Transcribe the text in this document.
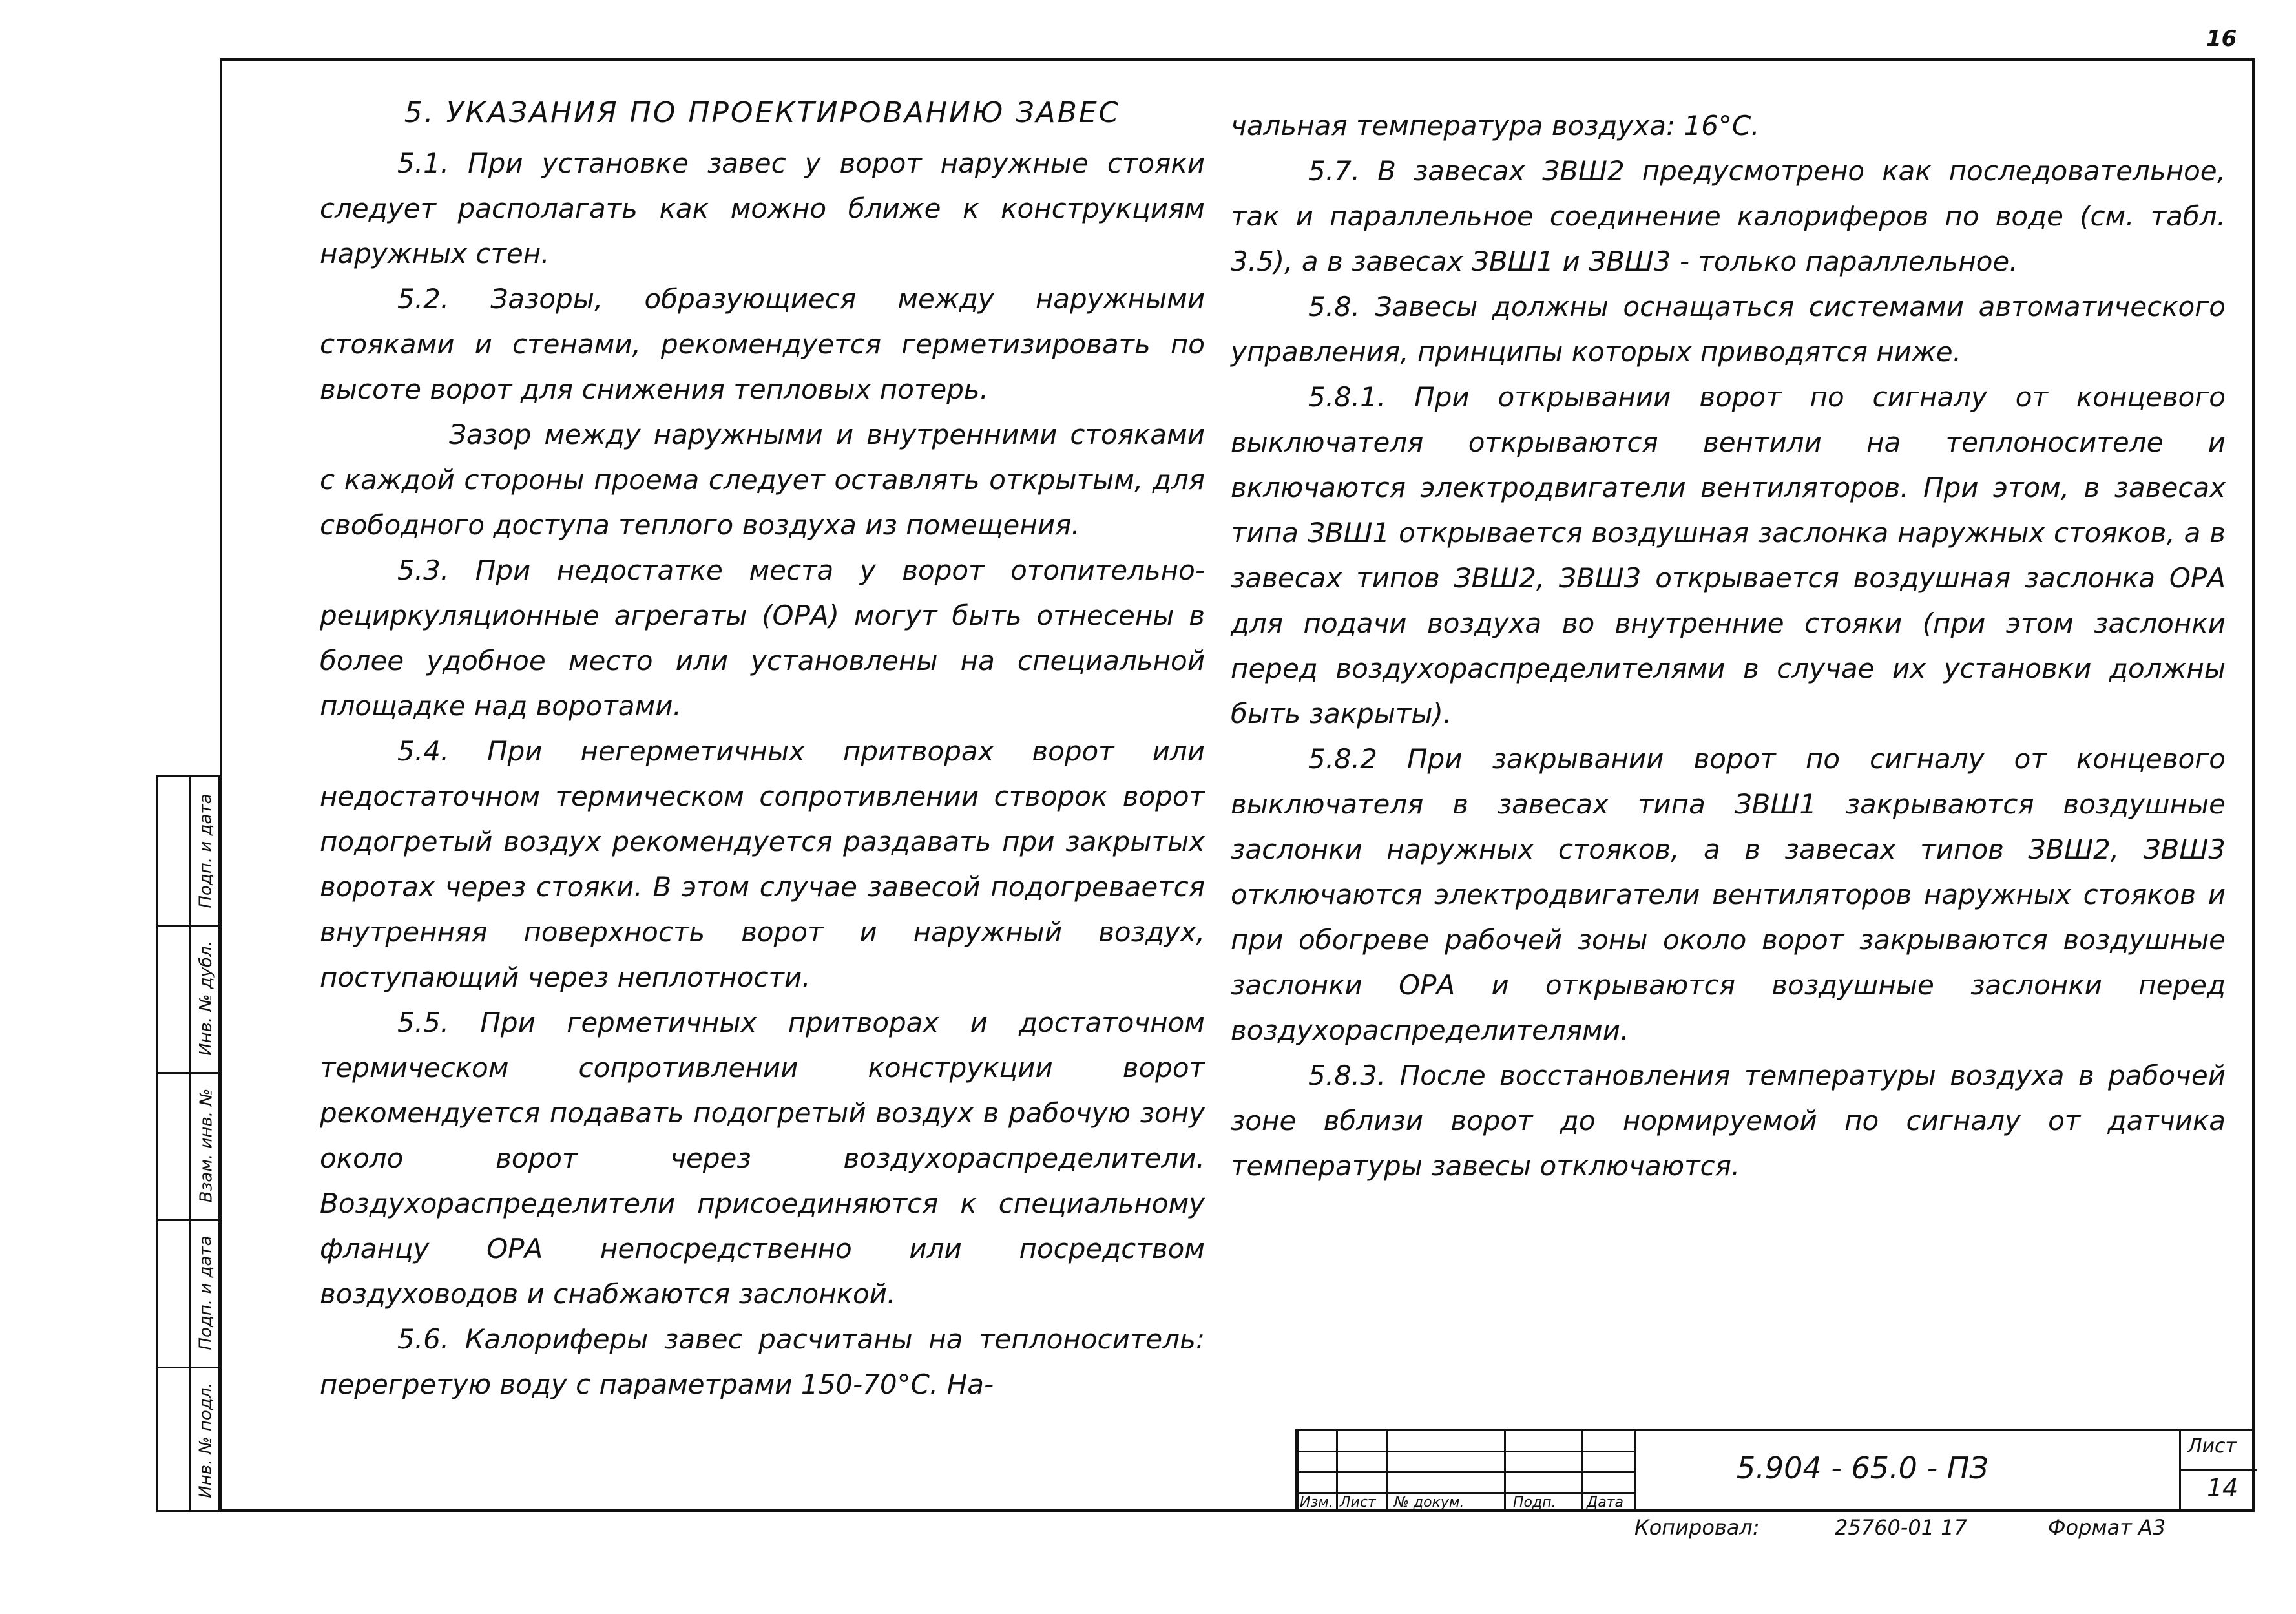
16

5. УКАЗАНИЯ ПО ПРОЕКТИРОВАНИЮ ЗАВЕС

5.1. При установке завес у ворот наружные стояки следует располагать как можно ближе к конструкциям наружных стен.

5.2. Зазоры, образующиеся между наружными стояками и стенами, рекомендуется герметизировать по высоте ворот для снижения тепловых потерь.

Зазор между наружными и внутренними стояками с каждой стороны проема следует оставлять открытым, для свободного доступа теплого воздуха из помещения.

5.3. При недостатке места у ворот отопительно-рециркуляционные агрегаты (ОРА) могут быть отнесены в более удобное место или установлены на специальной площадке над воротами.

5.4. При негерметичных притворах ворот или недостаточном термическом сопротивлении створок ворот подогретый воздух рекомендуется раздавать при закрытых воротах через стояки. В этом случае завесой подогревается внутренняя поверхность ворот и наружный воздух, поступающий через неплотности.

5.5. При герметичных притворах и достаточном термическом сопротивлении конструкции ворот рекомендуется подавать подогретый воздух в рабочую зону около ворот через воздухораспределители. Воздухораспределители присоединяются к специальному фланцу ОРА непосредственно или посредством воздуховодов и снабжаются заслонкой.

5.6. Калориферы завес расчитаны на теплоноситель: перегретую воду с параметрами 150-70°С. На-

чальная температура воздуха: 16°С.

5.7. В завесах ЗВШ2 предусмотрено как последовательное, так и параллельное соединение калориферов по воде (см. табл. 3.5), а в завесах ЗВШ1 и ЗВШ3 - только параллельное.

5.8. Завесы должны оснащаться системами автоматического управления, принципы которых приводятся ниже.

5.8.1. При открывании ворот по сигналу от концевого выключателя открываются вентили на теплоносителе и включаются электродвигатели вентиляторов. При этом, в завесах типа ЗВШ1 открывается воздушная заслонка наружных стояков, а в завесах типов ЗВШ2, ЗВШ3 открывается воздушная заслонка ОРА для подачи воздуха во внутренние стояки (при этом заслонки перед воздухораспределителями в случае их установки должны быть закрыты).

5.8.2 При закрывании ворот по сигналу от концевого выключателя в завесах типа ЗВШ1 закрываются воздушные заслонки наружных стояков, а в завесах типов ЗВШ2, ЗВШ3 отключаются электродвигатели вентиляторов наружных стояков и при обогреве рабочей зоны около ворот закрываются воздушные заслонки ОРА и открываются воздушные заслонки перед воздухораспределителями.

5.8.3. После восстановления температуры воздуха в рабочей зоне вблизи ворот до нормируемой по сигналу от датчика температуры завесы отключаются.

Инв. № подл.
Подп. и дата
Взам. инв. №
Инв. № дубл.
Подп. и дата
Изм. Лист № докум.	Подп. Дата
5.904 - 65.0 - ПЗ
Лист
14
Копировал:	25760-01 17	Формат А3
